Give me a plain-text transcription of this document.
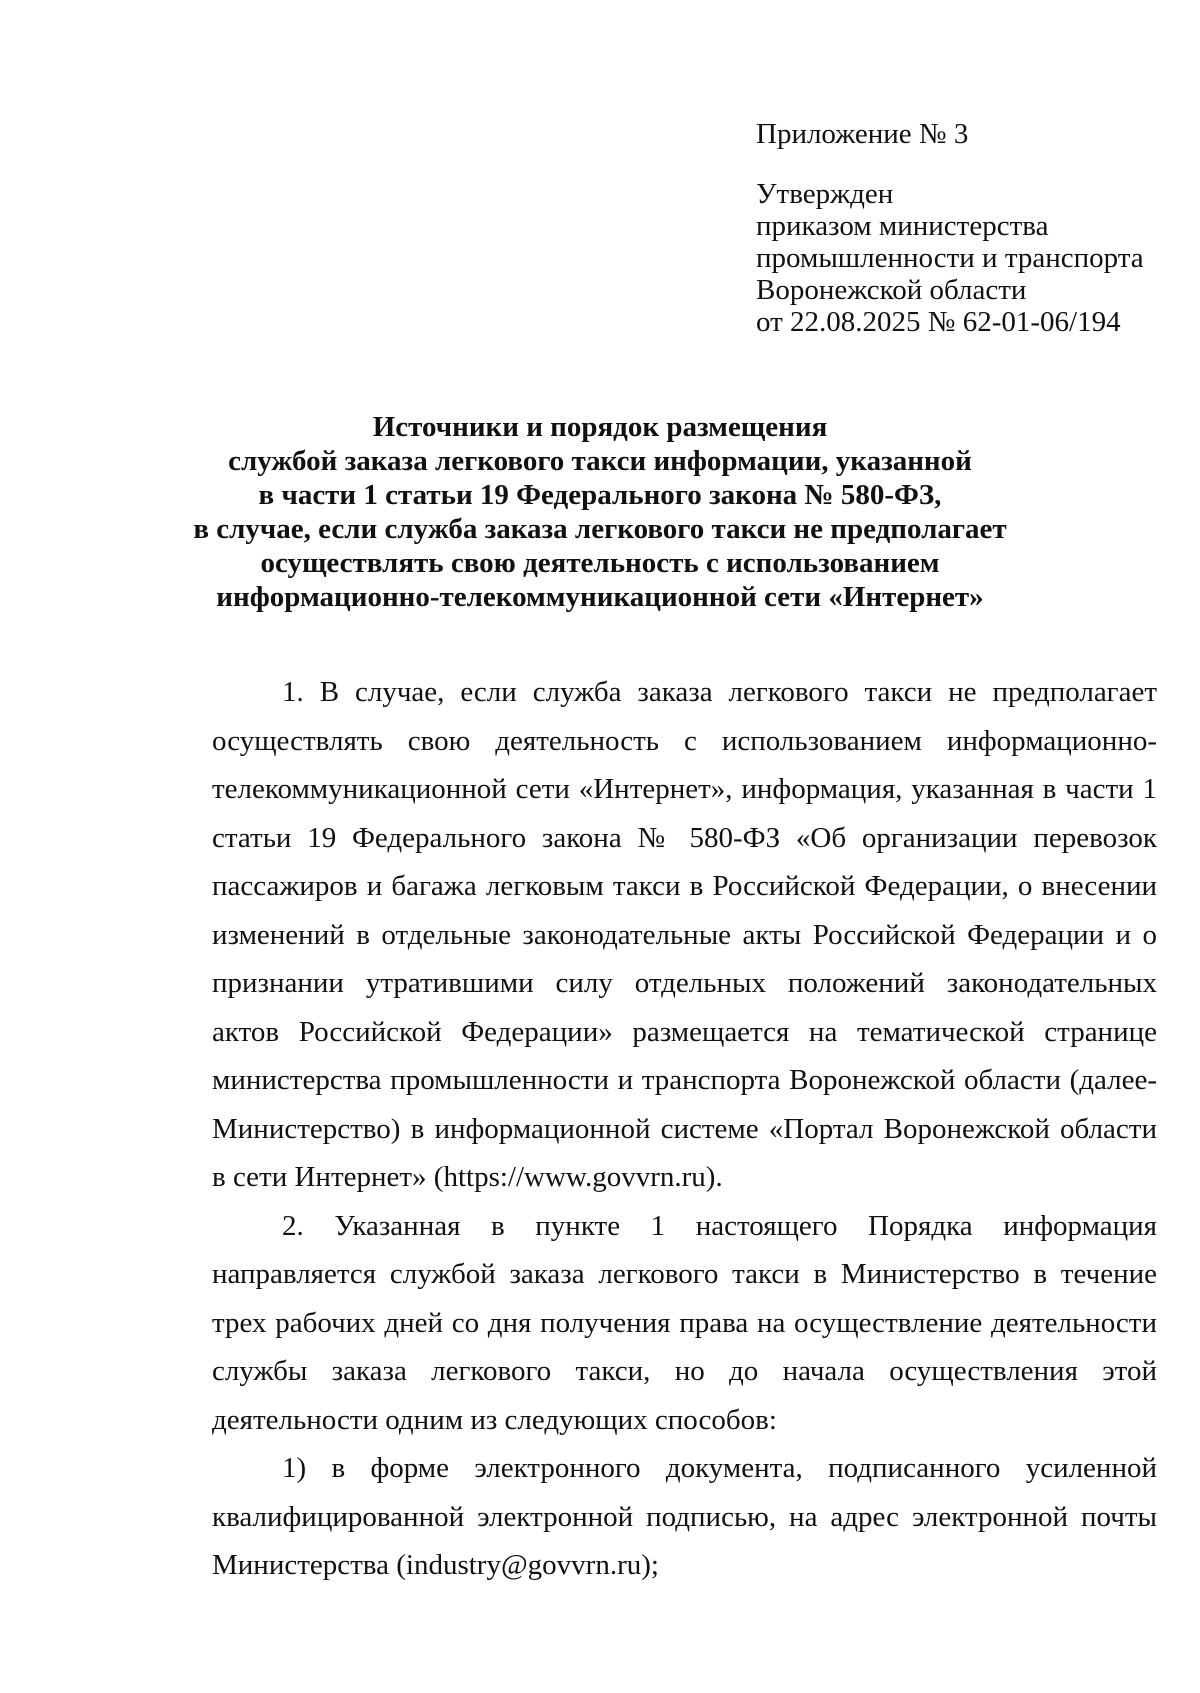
Приложение № 3
Утвержден
приказом министерства
промышленности и транспорта
Воронежской области
от 22.08.2025 № 62-01-06/194
Источники и порядок размещения
службой заказа легкового такси информации, указанной
в части 1 статьи 19 Федерального закона № 580-ФЗ,
в случае, если служба заказа легкового такси не предполагает
осуществлять свою деятельность с использованием
информационно-телекоммуникационной сети «Интернет»

1. В случае, если служба заказа легкового такси не предполагает осуществлять свою деятельность с использованием информационно-телекоммуникационной сети «Интернет», информация, указанная в части 1 статьи 19 Федерального закона № 580-ФЗ «Об организации перевозок пассажиров и багажа легковым такси в Российской Федерации, о внесении изменений в отдельные законодательные акты Российской Федерации и о признании утратившими силу отдельных положений законодательных актов Российской Федерации» размещается на тематической странице министерства промышленности и транспорта Воронежской области (далее-Министерство) в информационной системе «Портал Воронежской области в сети Интернет» (https://www.govvrn.ru).

2. Указанная в пункте 1 настоящего Порядка информация направляется службой заказа легкового такси в Министерство в течение трех рабочих дней со дня получения права на осуществление деятельности службы заказа легкового такси, но до начала осуществления этой деятельности одним из следующих способов:

1) в форме электронного документа, подписанного усиленной квалифицированной электронной подписью, на адрес электронной почты Министерства (industry@govvrn.ru);
